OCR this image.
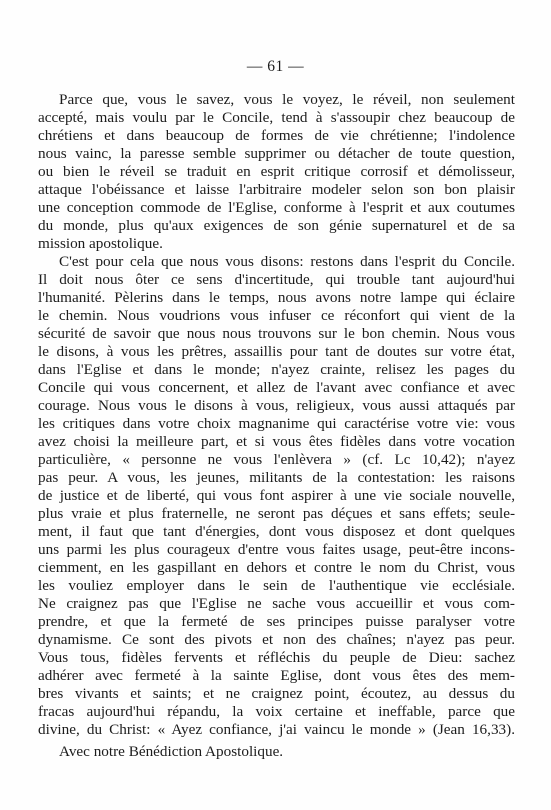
— 61 —
Parce que, vous le savez, vous le voyez, le réveil, non seulement
accepté, mais voulu par le Concile, tend à s'assoupir chez beaucoup de
chrétiens et dans beaucoup de formes de vie chrétienne; l'indolence
nous vainc, la paresse semble supprimer ou détacher de toute question,
ou bien le réveil se traduit en esprit critique corrosif et démolisseur,
attaque l'obéissance et laisse l'arbitraire modeler selon son bon plaisir
une conception commode de l'Eglise, conforme à l'esprit et aux coutumes
du monde, plus qu'aux exigences de son génie supernaturel et de sa
mission apostolique.
C'est pour cela que nous vous disons: restons dans l'esprit du Concile.
Il doit nous ôter ce sens d'incertitude, qui trouble tant aujourd'hui
l'humanité. Pèlerins dans le temps, nous avons notre lampe qui éclaire
le chemin. Nous voudrions vous infuser ce réconfort qui vient de la
sécurité de savoir que nous nous trouvons sur le bon chemin. Nous vous
le disons, à vous les prêtres, assaillis pour tant de doutes sur votre état,
dans l'Eglise et dans le monde; n'ayez crainte, relisez les pages du
Concile qui vous concernent, et allez de l'avant avec confiance et avec
courage. Nous vous le disons à vous, religieux, vous aussi attaqués par
les critiques dans votre choix magnanime qui caractérise votre vie: vous
avez choisi la meilleure part, et si vous êtes fidèles dans votre vocation
particulière, « personne ne vous l'enlèvera » (cf. Lc 10,42); n'ayez
pas peur. A vous, les jeunes, militants de la contestation: les raisons
de justice et de liberté, qui vous font aspirer à une vie sociale nouvelle,
plus vraie et plus fraternelle, ne seront pas déçues et sans effets; seule-
ment, il faut que tant d'énergies, dont vous disposez et dont quelques
uns parmi les plus courageux d'entre vous faites usage, peut-être incons-
ciemment, en les gaspillant en dehors et contre le nom du Christ, vous
les vouliez employer dans le sein de l'authentique vie ecclésiale.
Ne craignez pas que l'Eglise ne sache vous accueillir et vous com-
prendre, et que la fermeté de ses principes puisse paralyser votre
dynamisme. Ce sont des pivots et non des chaînes; n'ayez pas peur.
Vous tous, fidèles fervents et réfléchis du peuple de Dieu: sachez
adhérer avec fermeté à la sainte Eglise, dont vous êtes des mem-
bres vivants et saints; et ne craignez point, écoutez, au dessus du
fracas aujourd'hui répandu, la voix certaine et ineffable, parce que
divine, du Christ: « Ayez confiance, j'ai vaincu le monde » (Jean 16,33).
Avec notre Bénédiction Apostolique.
